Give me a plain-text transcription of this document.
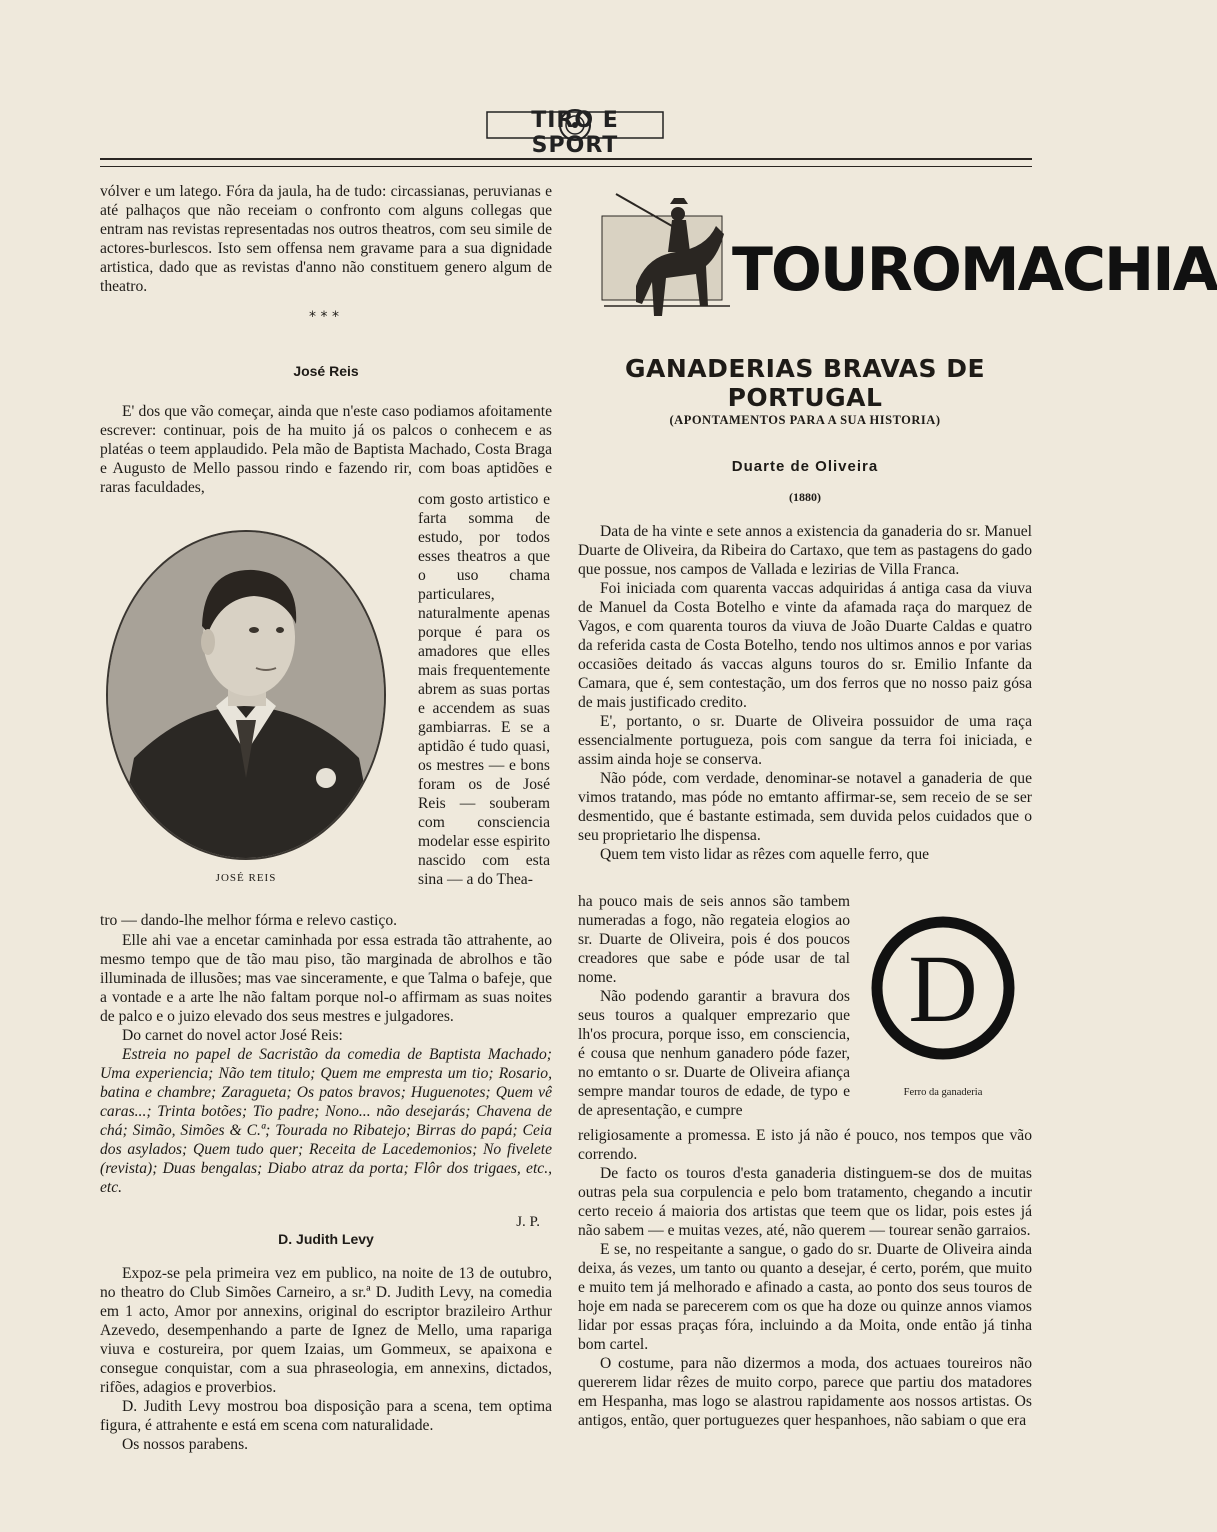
TIRO E SPORT

vólver e um latego. Fóra da jaula, ha de tudo: circassianas, peruvianas e até palhaços que não receiam o confronto com alguns collegas que entram nas revistas representadas nos outros theatros, com seu simile de actores-burlescos. Isto sem offensa nem gravame para a sua dignidade artistica, dado que as revistas d'anno não constituem genero algum de theatro.

* * *
José Reis

E' dos que vão começar, ainda que n'este caso podiamos afoitamente escrever: continuar, pois de ha muito já os palcos o conhecem e as platéas o teem applaudido. Pela mão de Baptista Machado, Costa Braga e Augusto de Mello passou rindo e fazendo rir, com boas aptidões e raras faculdades,

com gosto artistico e farta somma de estudo, por todos esses theatros a que o uso chama particulares, naturalmente apenas porque é para os amadores que elles mais frequentemente abrem as suas portas e accendem as suas gambiarras. E se a aptidão é tudo quasi, os mestres — e bons foram os de José Reis — souberam com consciencia modelar esse espirito nascido com esta sina — a do Thea-

JOSÉ REIS

tro — dando-lhe melhor fórma e relevo castiço.

Elle ahi vae a encetar caminhada por essa estrada tão attrahente, ao mesmo tempo que de tão mau piso, tão marginada de abrolhos e tão illuminada de illusões; mas vae sinceramente, e que Talma o bafeje, que a vontade e a arte lhe não faltam porque nol-o affirmam as suas noites de palco e o juizo elevado dos seus mestres e julgadores.

Do carnet do novel actor José Reis:

Estreia no papel de Sacristão da comedia de Baptista Machado; Uma experiencia; Não tem titulo; Quem me empresta um tio; Rosario, batina e chambre; Zaragueta; Os patos bravos; Huguenotes; Quem vê caras...; Trinta botões; Tio padre; Nono... não desejarás; Chavena de chá; Simão, Simões & C.ª; Tourada no Ribatejo; Birras do papá; Ceia dos asylados; Quem tudo quer; Receita de Lacedemonios; No fivelete (revista); Duas bengalas; Diabo atraz da porta; Flôr dos trigaes, etc., etc.

J. P.
D. Judith Levy

Expoz-se pela primeira vez em publico, na noite de 13 de outubro, no theatro do Club Simões Carneiro, a sr.ª D. Judith Levy, na comedia em 1 acto, Amor por annexins, original do escriptor brazileiro Arthur Azevedo, desempenhando a parte de Ignez de Mello, uma rapariga viuva e costureira, por quem Izaias, um Gommeux, se apaixona e consegue conquistar, com a sua phraseologia, em annexins, dictados, rifões, adagios e proverbios.

D. Judith Levy mostrou boa disposição para a scena, tem optima figura, é attrahente e está em scena com naturalidade.

Os nossos parabens.

TOUROMACHIA
GANADERIAS BRAVAS DE PORTUGAL
(APONTAMENTOS PARA A SUA HISTORIA)
Duarte de Oliveira
(1880)

Data de ha vinte e sete annos a existencia da ganaderia do sr. Manuel Duarte de Oliveira, da Ribeira do Cartaxo, que tem as pastagens do gado que possue, nos campos de Vallada e lezirias de Villa Franca.

Foi iniciada com quarenta vaccas adquiridas á antiga casa da viuva de Manuel da Costa Botelho e vinte da afamada raça do marquez de Vagos, e com quarenta touros da viuva de João Duarte Caldas e quatro da referida casta de Costa Botelho, tendo nos ultimos annos e por varias occasiões deitado ás vaccas alguns touros do sr. Emilio Infante da Camara, que é, sem contestação, um dos ferros que no nosso paiz gósa de mais justificado credito.

E', portanto, o sr. Duarte de Oliveira possuidor de uma raça essencialmente portugueza, pois com sangue da terra foi iniciada, e assim ainda hoje se conserva.

Não póde, com verdade, denominar-se notavel a ganaderia de que vimos tratando, mas póde no emtanto affirmar-se, sem receio de se ser desmentido, que é bastante estimada, sem duvida pelos cuidados que o seu proprietario lhe dispensa.

Quem tem visto lidar as rêzes com aquelle ferro, que

ha pouco mais de seis annos são tambem numeradas a fogo, não regateia elogios ao sr. Duarte de Oliveira, pois é dos poucos creadores que sabe e póde usar de tal nome.

Não podendo garantir a bravura dos seus touros a qualquer emprezario que lh'os procura, porque isso, em consciencia, é cousa que nenhum ganadero póde fazer, no emtanto o sr. Duarte de Oliveira afiança sempre mandar touros de edade, de typo e de apresentação, e cumpre

D
Ferro da ganaderia

religiosamente a promessa. E isto já não é pouco, nos tempos que vão correndo.

De facto os touros d'esta ganaderia distinguem-se dos de muitas outras pela sua corpulencia e pelo bom tratamento, chegando a incutir certo receio á maioria dos artistas que teem que os lidar, pois estes já não sabem — e muitas vezes, até, não querem — tourear senão garraios.

E se, no respeitante a sangue, o gado do sr. Duarte de Oliveira ainda deixa, ás vezes, um tanto ou quanto a desejar, é certo, porém, que muito e muito tem já melhorado e afinado a casta, ao ponto dos seus touros de hoje em nada se parecerem com os que ha doze ou quinze annos viamos lidar por essas praças fóra, incluindo a da Moita, onde então já tinha bom cartel.

O costume, para não dizermos a moda, dos actuaes toureiros não quererem lidar rêzes de muito corpo, parece que partiu dos matadores em Hespanha, mas logo se alastrou rapidamente aos nossos artistas. Os antigos, então, quer portuguezes quer hespanhoes, não sabiam o que era
